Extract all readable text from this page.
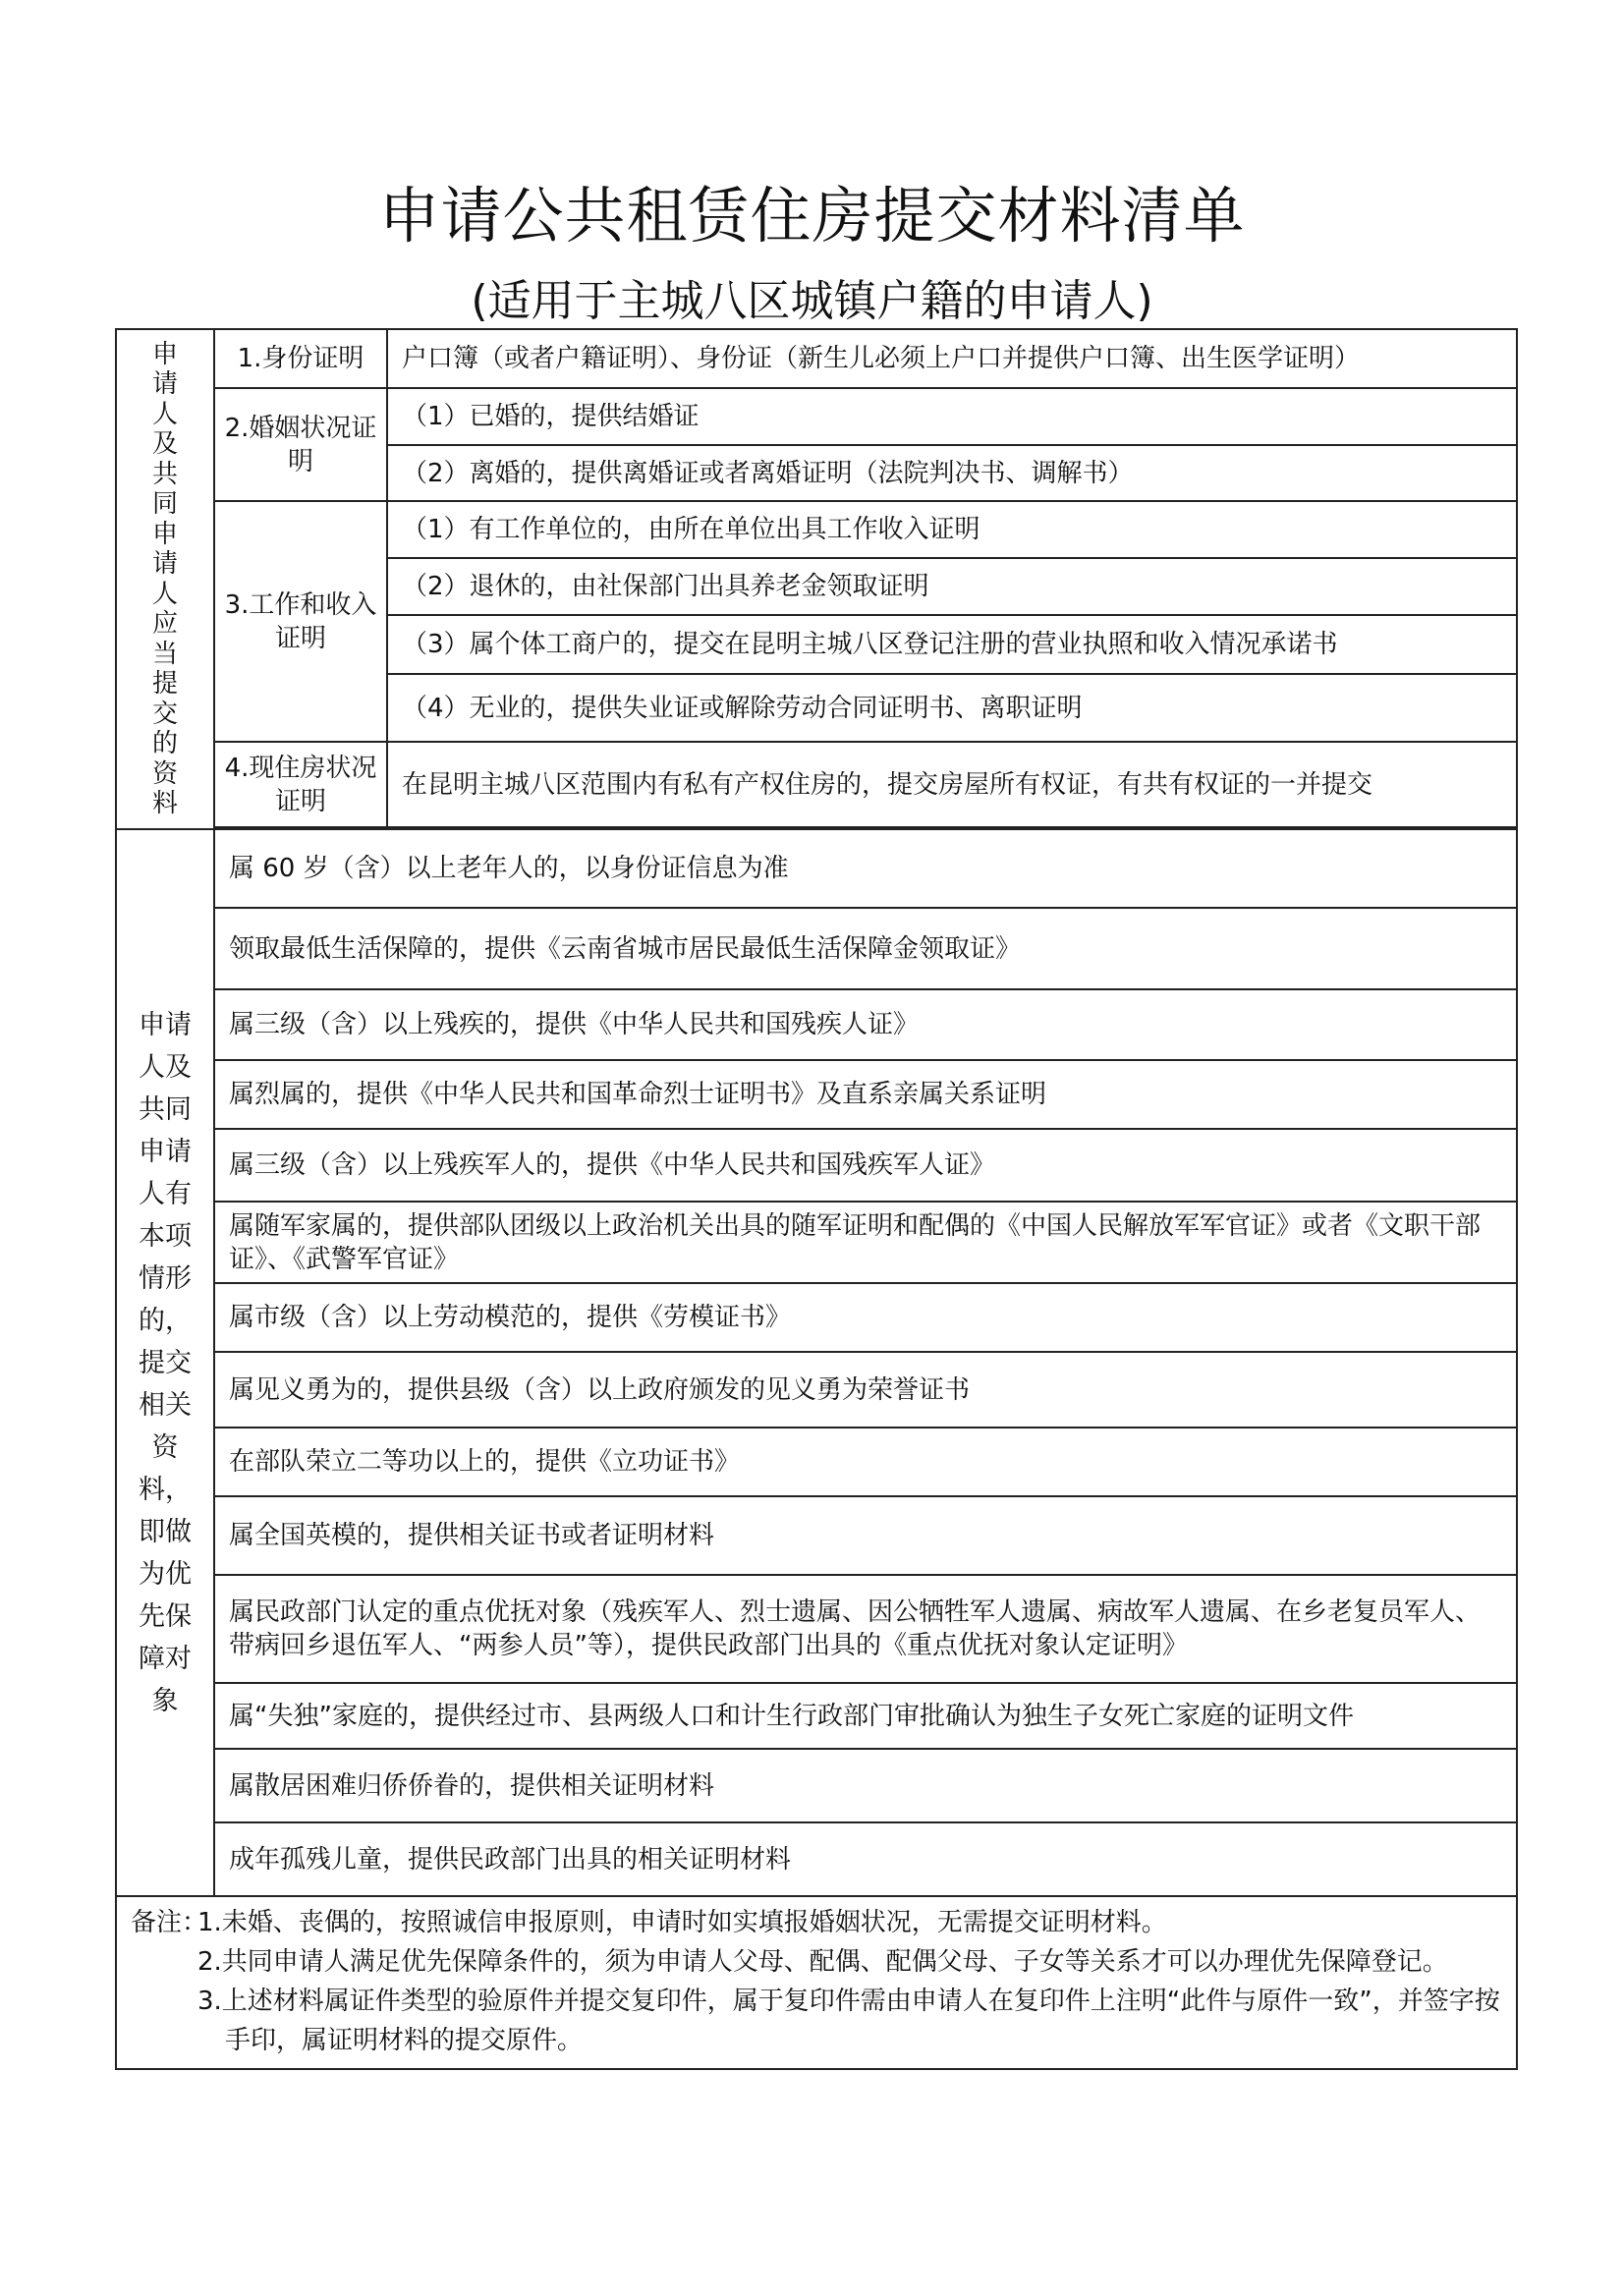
申请公共租赁住房提交材料清单
(适用于主城八区城镇户籍的申请人)
申请人及共同申请人应当提交的资料	1.身份证明	户口簿（或者户籍证明）、身份证（新生儿必须上户口并提供户口簿、出生医学证明）
	2.婚姻状况证明	（1）已婚的，提供结婚证
		（2）离婚的，提供离婚证或者离婚证明（法院判决书、调解书）
	3.工作和收入证明	（1）有工作单位的，由所在单位出具工作收入证明
		（2）退休的，由社保部门出具养老金领取证明
		（3）属个体工商户的，提交在昆明主城八区登记注册的营业执照和收入情况承诺书
		（4）无业的，提供失业证或解除劳动合同证明书、离职证明
	4.现住房状况证明	在昆明主城八区范围内有私有产权住房的，提交房屋所有权证，有共有权证的一并提交

申请人及共同申请人有本项情形的，提交相关资料，即做为优先保障对象	属 60 岁（含）以上老年人的，以身份证信息为准	
	领取最低生活保障的，提供《云南省城市居民最低生活保障金领取证》	
	属三级（含）以上残疾的，提供《中华人民共和国残疾人证》	
	属烈属的，提供《中华人民共和国革命烈士证明书》及直系亲属关系证明	
	属三级（含）以上残疾军人的，提供《中华人民共和国残疾军人证》	
	属随军家属的，提供部队团级以上政治机关出具的随军证明和配偶的《中国人民解放军军官证》或者《文职干部证》、《武警军官证》	
	属市级（含）以上劳动模范的，提供《劳模证书》	
	属见义勇为的，提供县级（含）以上政府颁发的见义勇为荣誉证书	
	在部队荣立二等功以上的，提供《立功证书》	
	属全国英模的，提供相关证书或者证明材料	
	属民政部门认定的重点优抚对象（残疾军人、烈士遗属、因公牺牲军人遗属、病故军人遗属、在乡老复员军人、带病回乡退伍军人、“两参人员”等），提供民政部门出具的《重点优抚对象认定证明》	
	属“失独”家庭的，提供经过市、县两级人口和计生行政部门审批确认为独生子女死亡家庭的证明文件	
	属散居困难归侨侨眷的，提供相关证明材料	
	成年孤残儿童，提供民政部门出具的相关证明材料	

备注：
1.未婚、丧偶的，按照诚信申报原则，申请时如实填报婚姻状况，无需提交证明材料。
2.共同申请人满足优先保障条件的，须为申请人父母、配偶、配偶父母、子女等关系才可以办理优先保障登记。
3.上述材料属证件类型的验原件并提交复印件，属于复印件需由申请人在复印件上注明“此件与原件一致”，并签字按手印，属证明材料的提交原件。		
